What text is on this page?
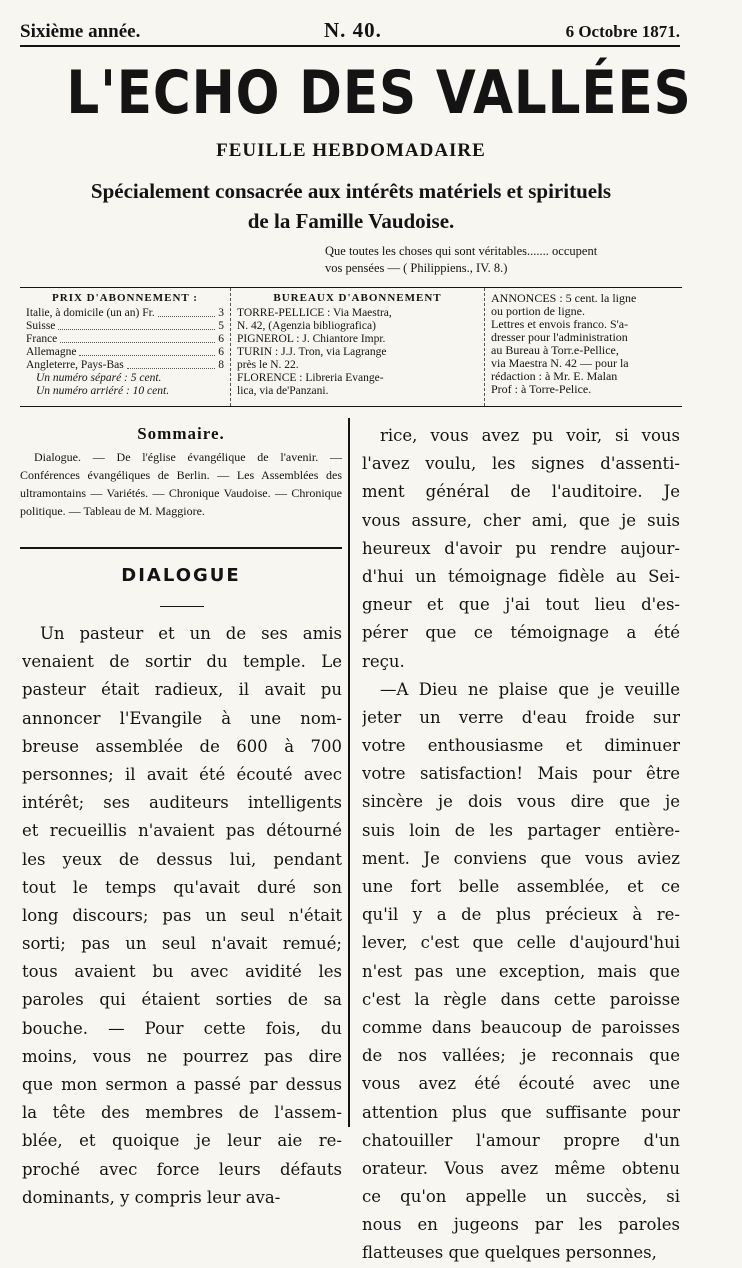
Sixième année.	N. 40.	6 Octobre 1871.
L'ECHO DES VALLÉES
FEUILLE HEBDOMADAIRE
Spécialement consacrée aux intérêts matériels et spirituels
de la Famille Vaudoise.
Que toutes les choses qui sont véritables....... occupent
vos pensées — ( Philippiens., IV. 8.)
PRIX D'ABONNEMENT :
Italie, à domicile (un an) Fr.	3
Suisse	5
France	6
Allemagne	6
Angleterre, Pays-Bas	8
Un numéro séparé : 5 cent.
Un numéro arriéré : 10 cent.
BUREAUX D'ABONNEMENT
TORRE-PELLICE : Via Maestra,
N. 42, (Agenzia bibliografica)
PIGNEROL : J. Chiantore Impr.
TURIN : J.J. Tron, via Lagrange
près le N. 22.
FLORENCE : Libreria Evange-
lica, via de'Panzani.
ANNONCES : 5 cent. la ligne
ou portion de ligne.
Lettres et envois franco. S'a-
dresser pour l'administration
au Bureau à Torr.e-Pellice,
via Maestra N. 42 — pour la
rédaction : à Mr. E. Malan
Prof : à Torre-Pelice.
Sommaire.

Dialogue. — De l'église évangélique de l'avenir. — Conférences évangéliques de Berlin. — Les Assemblées des ultramontains — Variétés. — Chronique Vaudoise. — Chronique politique. — Tableau de M. Maggiore.

DIALOGUE
Un pasteur et un de ses amis
venaient de sortir du temple. Le
pasteur était radieux, il avait pu
annoncer l'Evangile à une nom-
breuse assemblée de 600 à 700
personnes; il avait été écouté avec
intérêt; ses auditeurs intelligents
et recueillis n'avaient pas détourné
les yeux de dessus lui, pendant
tout le temps qu'avait duré son
long discours; pas un seul n'était
sorti; pas un seul n'avait remué;
tous avaient bu avec avidité les
paroles qui étaient sorties de sa
bouche. — Pour cette fois, du
moins, vous ne pourrez pas dire
que mon sermon a passé par dessus
la tête des membres de l'assem-
blée, et quoique je leur aie re-
proché avec force leurs défauts
dominants, y compris leur ava-
rice, vous avez pu voir, si vous
l'avez voulu, les signes d'assenti-
ment général de l'auditoire. Je
vous assure, cher ami, que je suis
heureux d'avoir pu rendre aujour-
d'hui un témoignage fidèle au Sei-
gneur et que j'ai tout lieu d'es-
pérer que ce témoignage a été
reçu.
—A Dieu ne plaise que je veuille
jeter un verre d'eau froide sur
votre enthousiasme et diminuer
votre satisfaction! Mais pour être
sincère je dois vous dire que je
suis loin de les partager entière-
ment. Je conviens que vous aviez
une fort belle assemblée, et ce
qu'il y a de plus précieux à re-
lever, c'est que celle d'aujourd'hui
n'est pas une exception, mais que
c'est la règle dans cette paroisse
comme dans beaucoup de paroisses
de nos vallées; je reconnais que
vous avez été écouté avec une
attention plus que suffisante pour
chatouiller l'amour propre d'un
orateur. Vous avez même obtenu
ce qu'on appelle un succès, si
nous en jugeons par les paroles
flatteuses que quelques personnes,
